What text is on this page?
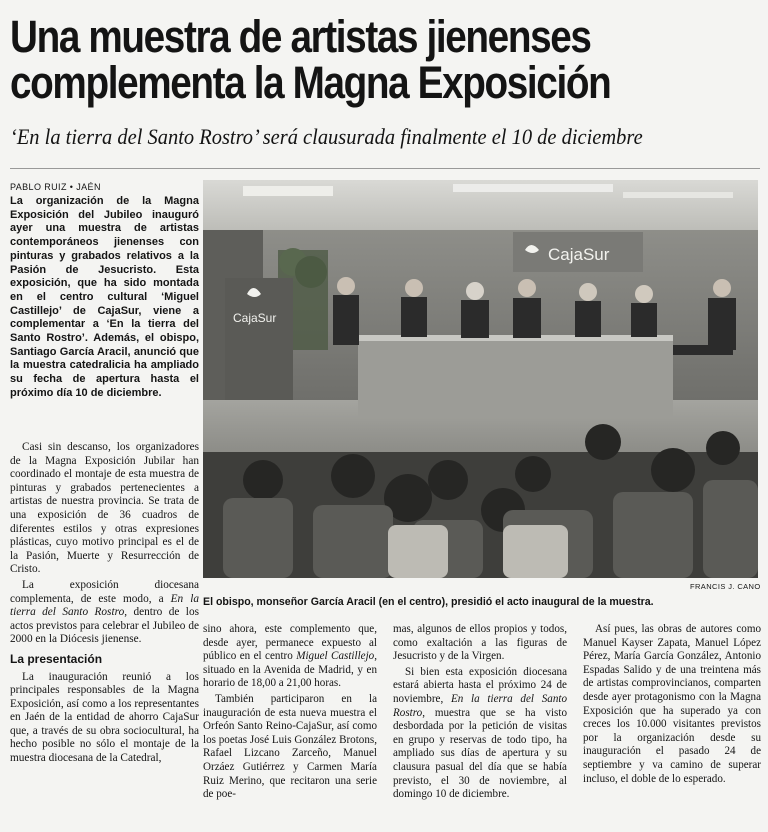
Una muestra de artistas jienenses
complementa la Magna Exposición
‘En la tierra del Santo Rostro’ será clausurada finalmente el 10 de diciembre
PABLO RUIZ • JAÉN
La organización de la Magna Exposición del Jubileo inauguró ayer una muestra de artistas contemporáneos jienenses con pinturas y grabados relativos a la Pasión de Jesucristo. Esta exposición, que ha sido montada en el centro cultural ‘Miguel Castillejo’ de CajaSur, viene a complementar a ‘En la tierra del Santo Rostro’. Además, el obispo, Santiago García Aracil, anunció que la muestra catedralicia ha ampliado su fecha de apertura hasta el próximo día 10 de diciembre.

Casi sin descanso, los organizadores de la Magna Exposición Jubilar han coordinado el montaje de esta muestra de pinturas y grabados pertenecientes a artistas de nuestra provincia. Se trata de una exposición de 36 cuadros de diferentes estilos y otras expresiones plásticas, cuyo motivo principal es el de la Pasión, Muerte y Resurrección de Cristo.

La exposición diocesana complementa, de este modo, a En la tierra del Santo Rostro, dentro de los actos previstos para celebrar el Jubileo de 2000 en la Diócesis jienense.

La presentación

La inauguración reunió a los principales responsables de la Magna Exposición, así como a los representantes en Jaén de la entidad de ahorro CajaSur que, a través de su obra sociocultural, ha hecho posible no sólo el montaje de la muestra diocesana de la Catedral,

CajaSur
CajaSur
FRANCIS J. CANO
El obispo, monseñor García Aracil (en el centro), presidió el acto inaugural de la muestra.

sino ahora, este complemento que, desde ayer, permanece expuesto al público en el centro Miguel Castillejo, situado en la Avenida de Madrid, y en horario de 18,00 a 21,00 horas.

También participaron en la inauguración de esta nueva muestra el Orfeón Santo Reino-CajaSur, así como los poetas José Luis González Brotons, Rafael Lizcano Zarceño, Manuel Orzáez Gutiérrez y Carmen María Ruiz Merino, que recitaron una serie de poe-

mas, algunos de ellos propios y todos, como exaltación a las figuras de Jesucristo y de la Virgen.

Si bien esta exposición diocesana estará abierta hasta el próximo 24 de noviembre, En la tierra del Santo Rostro, muestra que se ha visto desbordada por la petición de visitas en grupo y reservas de todo tipo, ha ampliado sus días de apertura y su clausura pasual del día que se había previsto, el 30 de noviembre, al domingo 10 de diciembre.

Así pues, las obras de autores como Manuel Kayser Zapata, Manuel López Pérez, María García González, Antonio Espadas Salido y de una treintena más de artistas comprovincianos, comparten desde ayer protagonismo con la Magna Exposición que ha superado ya con creces los 10.000 visitantes previstos por la organización desde su inauguración el pasado 24 de septiembre y va camino de superar incluso, el doble de lo esperado.
